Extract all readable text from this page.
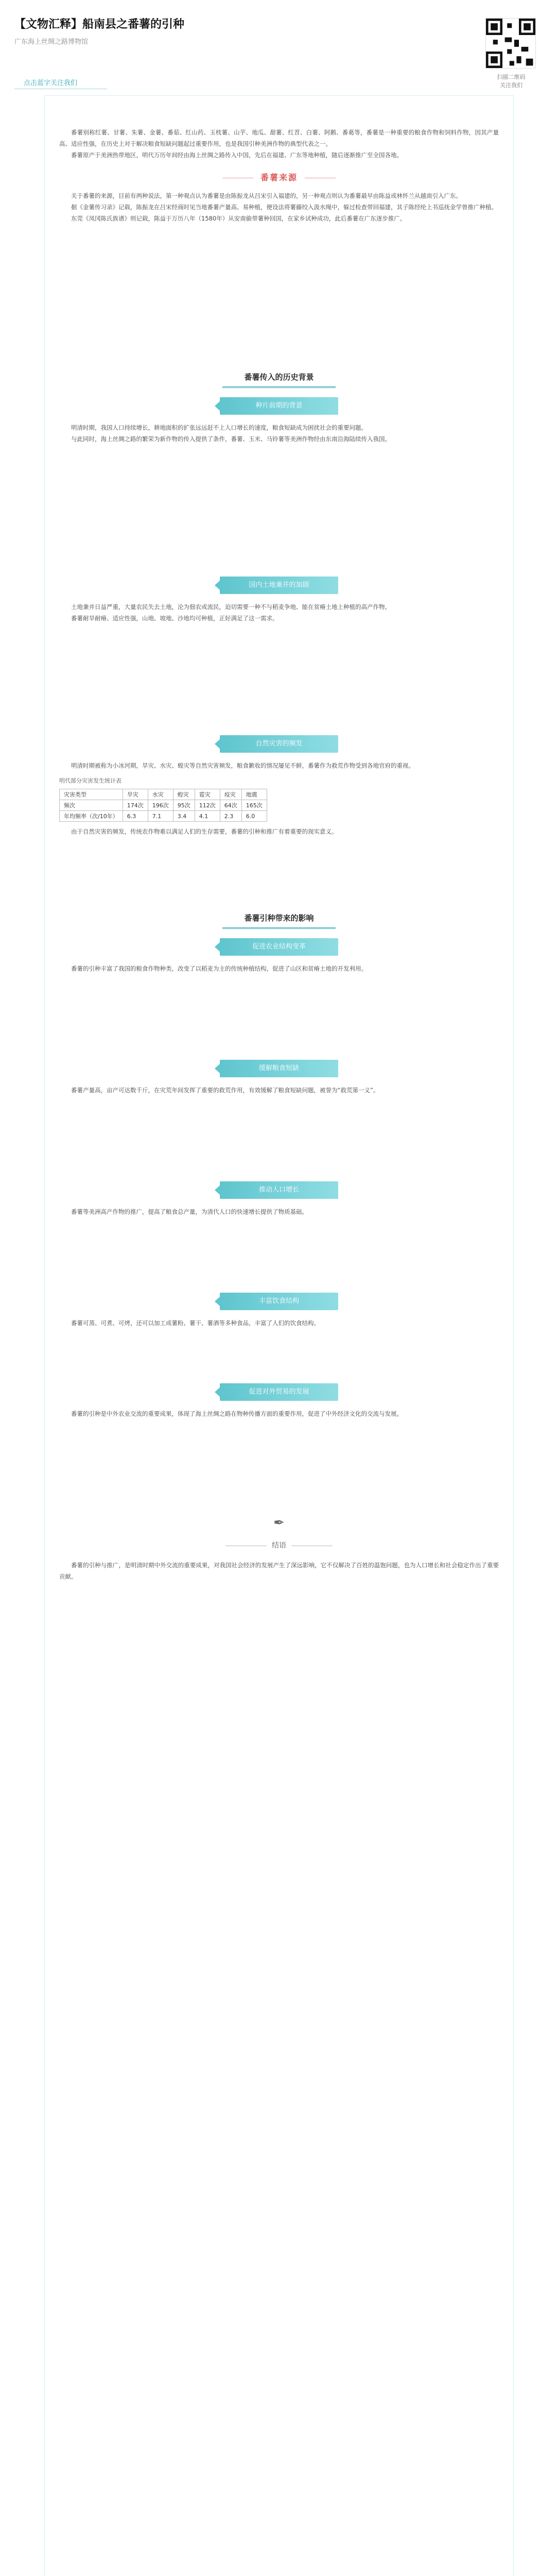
【文物汇释】船南县之番薯的引种
广东海上丝绸之路博物馆
扫描二维码
关注我们
点击蓝字关注我们

番薯别称红薯、甘薯、朱薯、金薯、番茹、红山药、玉枕薯、山芋、地瓜、甜薯、红苕、白薯、阿鹅、番葛等，番薯是一种重要的粮食作物和饲料作物，因其产量高、适应性强，在历史上对于解决粮食短缺问题起过重要作用，也是我国引种美洲作物的典型代表之一。

番薯原产于美洲热带地区，明代万历年间经由海上丝绸之路传入中国，先后在福建、广东等地种植，随后逐渐推广至全国各地。

番薯来源

关于番薯的来源，目前有两种说法，第一种观点认为番薯是由陈振龙从吕宋引入福建的，另一种观点则认为番薯最早由陈益或林怀兰从越南引入广东。

据《金薯传习录》记载，陈振龙在吕宋经商时见当地番薯产量高、易种植，便设法将薯藤绞入汲水绳中，躲过检查带回福建，其子陈经纶上书巡抚金学曾推广种植。

东莞《凤冈陈氏族谱》则记载，陈益于万历八年（1580年）从安南偷带薯种回国，在家乡试种成功，此后番薯在广东逐步推广。

番薯传入的历史背景
种片前期的背景

明清时期，我国人口持续增长，耕地面积的扩张远远赶不上人口增长的速度，粮食短缺成为困扰社会的重要问题。

与此同时，海上丝绸之路的繁荣为新作物的传入提供了条件，番薯、玉米、马铃薯等美洲作物经由东南沿海陆续传入我国。

国内土地兼并的加剧

土地兼并日益严重，大量农民失去土地，沦为佃农或流民，迫切需要一种不与稻麦争地、能在贫瘠土地上种植的高产作物。

番薯耐旱耐瘠、适应性强，山地、坡地、沙地均可种植，正好满足了这一需求。

自然灾害的频发

明清时期被称为小冰河期，旱灾、水灾、蝗灾等自然灾害频发，粮食歉收的情况屡见不鲜，番薯作为救荒作物受到各地官府的重视。

明代部分灾害发生统计表
灾害类型	旱灾	水灾	蝗灾	雹灾	疫灾	地震
频次	174次	196次	95次	112次	64次	165次
年均频率（次/10年）	6.3	7.1	3.4	4.1	2.3	6.0

由于自然灾害的频发，传统农作物难以满足人们的生存需要，番薯的引种和推广有着重要的现实意义。

番薯引种带来的影响
促进农业结构变革

番薯的引种丰富了我国的粮食作物种类，改变了以稻麦为主的传统种植结构，促进了山区和贫瘠土地的开发利用。

缓解粮食短缺

番薯产量高，亩产可达数千斤，在灾荒年间发挥了重要的救荒作用，有效缓解了粮食短缺问题，被誉为“救荒第一义”。

推动人口增长

番薯等美洲高产作物的推广，提高了粮食总产量，为清代人口的快速增长提供了物质基础。

丰富饮食结构

番薯可蒸、可煮、可烤，还可以加工成薯粉、薯干、薯酒等多种食品，丰富了人们的饮食结构。

促进对外贸易的发展

番薯的引种是中外农业交流的重要成果，体现了海上丝绸之路在物种传播方面的重要作用，促进了中外经济文化的交流与发展。

✒
结语

番薯的引种与推广，是明清时期中外交流的重要成果，对我国社会经济的发展产生了深远影响，它不仅解决了百姓的温饱问题，也为人口增长和社会稳定作出了重要贡献。
